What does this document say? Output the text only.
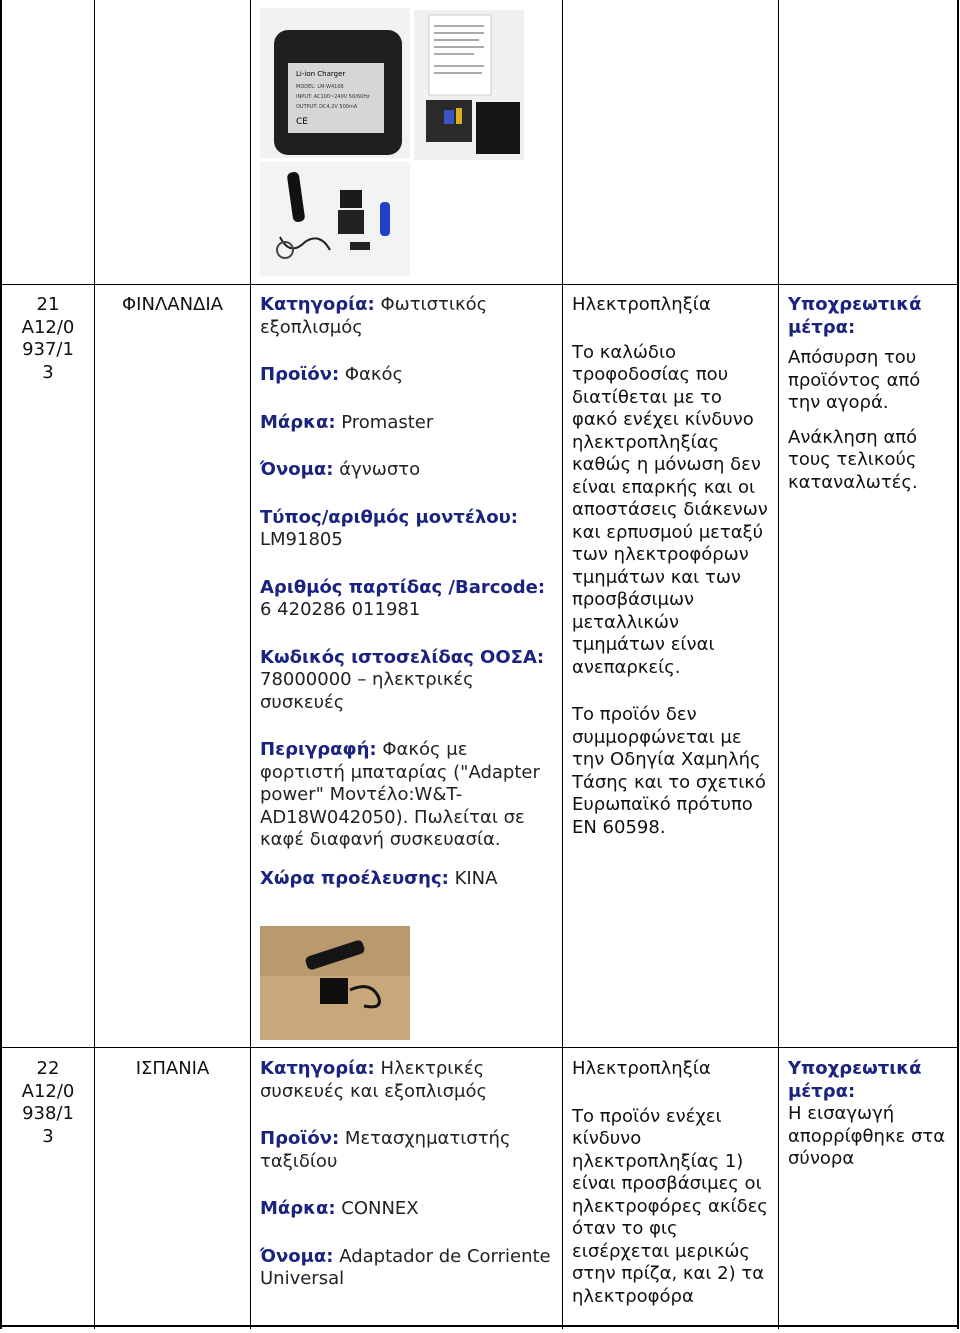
Li-ion Charger
MODEL: LM-W4106
INPUT: AC100~240V 50/60Hz
OUTPUT: DC4.2V 500mA
CE
21
A12/0
937/1
3
ΦΙΝΛΑΝΔΙΑ	Κατηγορία: Φωτιστικός εξοπλισμός

Προϊόν: Φακός

Μάρκα: Promaster

Όνομα: άγνωστο

Τύπος/αριθμός μοντέλου: LM91805

Αριθμός παρτίδας /Barcode: 6 420286 011981

Κωδικός ιστοσελίδας ΟΟΣΑ: 78000000 – ηλεκτρικές συσκευές

Περιγραφή: Φακός με φορτιστή μπαταρίας ("Adapter power" Μοντέλο:W&T-AD18W042050). Πωλείται σε καφέ διαφανή συσκευασία.

Χώρα προέλευσης: ΚΙΝΑ

Ηλεκτροπληξία

Το καλώδιο τροφοδοσίας που διατίθεται με το φακό ενέχει κίνδυνο ηλεκτροπληξίας καθώς η μόνωση δεν είναι επαρκής και οι αποστάσεις διάκενων και ερπυσμού μεταξύ των ηλεκτροφόρων τμημάτων και των προσβάσιμων μεταλλικών τμημάτων είναι ανεπαρκείς.

Το προϊόν δεν συμμορφώνεται με την Οδηγία Χαμηλής Τάσης και το σχετικό Ευρωπαϊκό πρότυπο EN 60598.

Υποχρεωτικά μέτρα:

Απόσυρση του προϊόντος από την αγορά.

Ανάκληση από τους τελικούς καταναλωτές.

22
A12/0
938/1
3
ΙΣΠΑΝΙΑ	Κατηγορία: Ηλεκτρικές συσκευές και εξοπλισμός

Προϊόν: Μετασχηματιστής ταξιδίου

Μάρκα: CONNEX

Όνομα: Adaptador de Corriente Universal

Ηλεκτροπληξία

Το προϊόν ενέχει κίνδυνο ηλεκτροπληξίας 1) είναι προσβάσιμες οι ηλεκτροφόρες ακίδες όταν το φις εισέρχεται μερικώς στην πρίζα, και 2) τα ηλεκτροφόρα

Υποχρεωτικά μέτρα:

Η εισαγωγή απορρίφθηκε στα σύνορα
